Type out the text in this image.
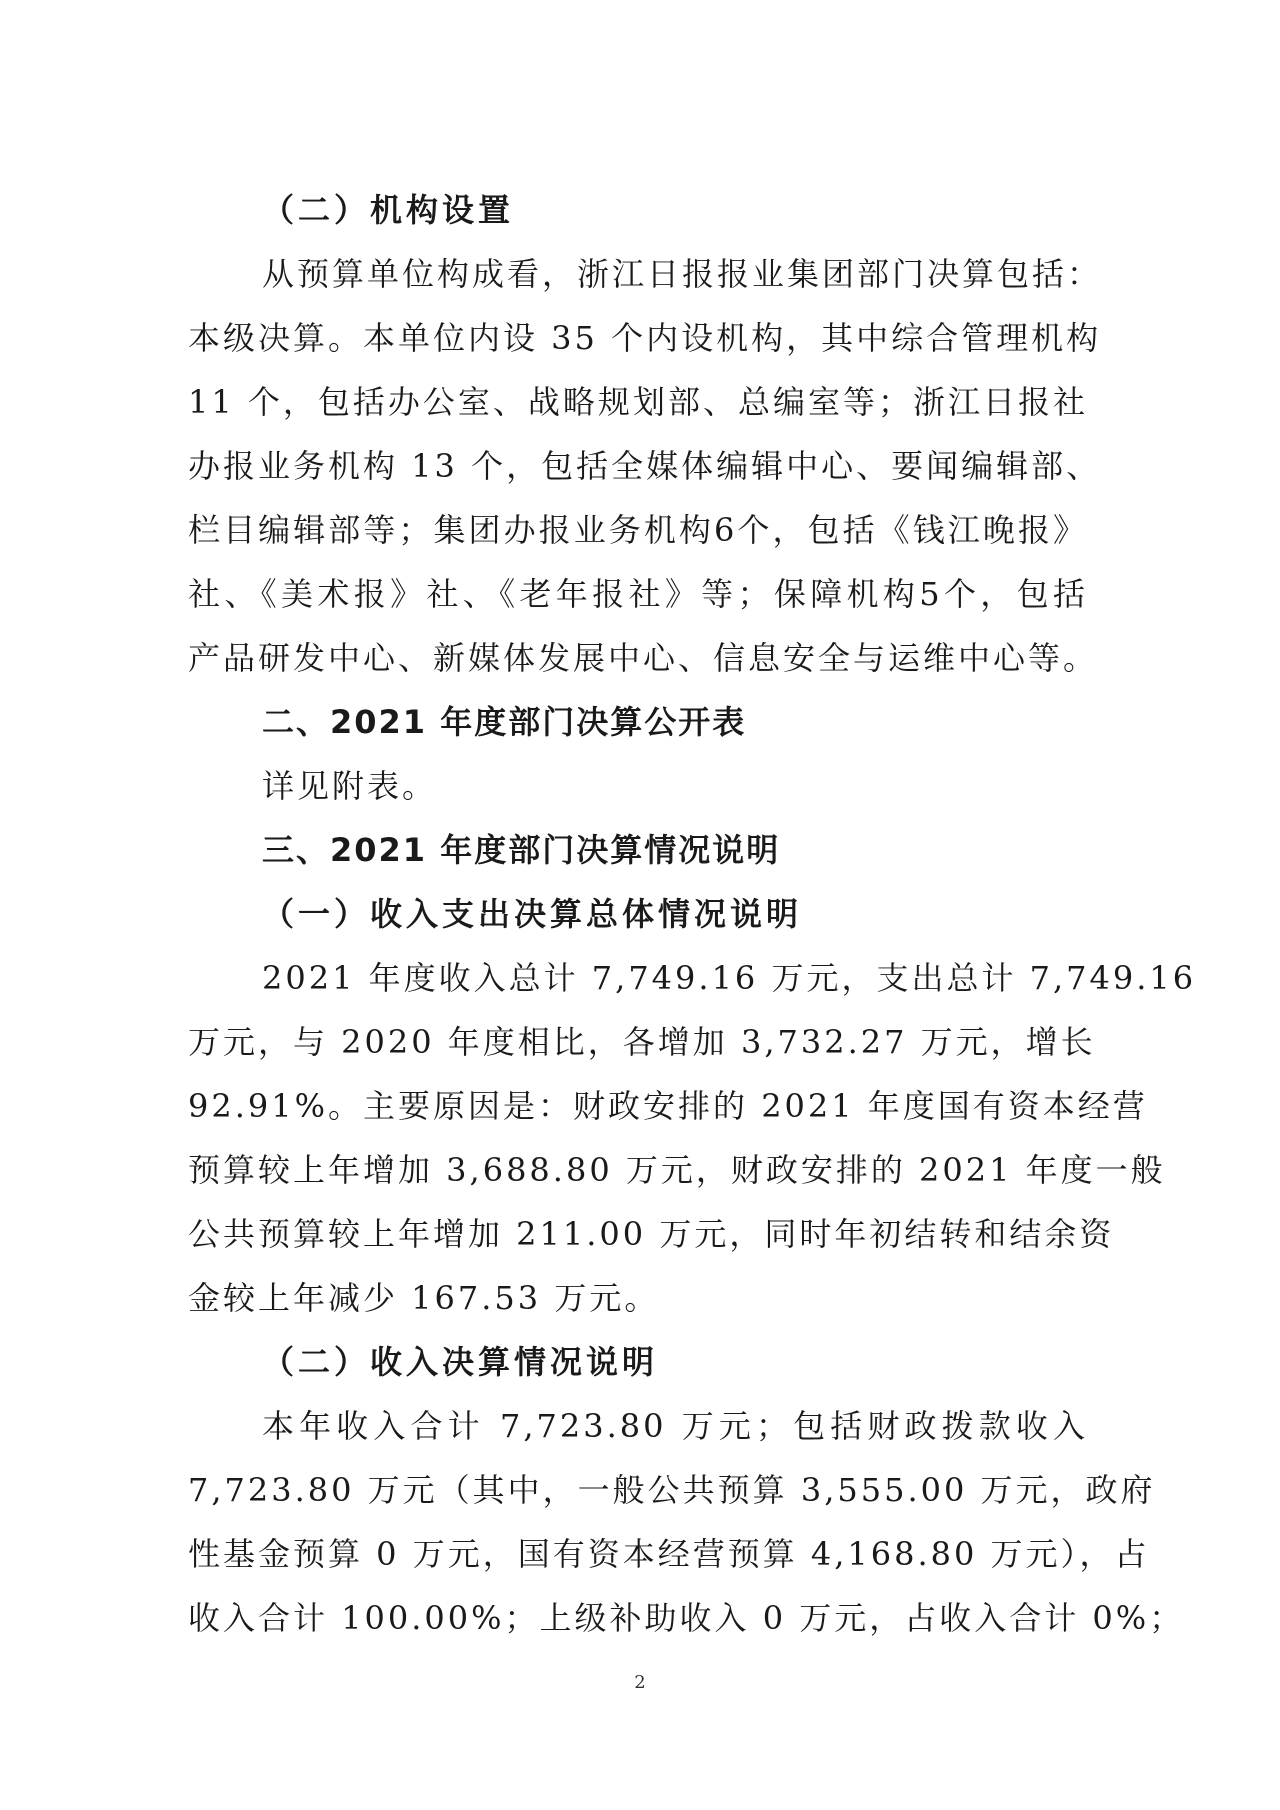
（二）机构设置
从预算单位构成看，浙江日报报业集团部门决算包括：
本级决算。本单位内设 35 个内设机构，其中综合管理机构
11 个，包括办公室、战略规划部、总编室等；浙江日报社
办报业务机构 13 个，包括全媒体编辑中心、要闻编辑部、
栏目编辑部等；集团办报业务机构6个，包括《钱江晚报》
社、《美术报》社、《老年报社》等；保障机构5个，包括
产品研发中心、新媒体发展中心、信息安全与运维中心等。
二、2021 年度部门决算公开表
详见附表。
三、2021 年度部门决算情况说明
（一）收入支出决算总体情况说明
2021 年度收入总计 7,749.16 万元，支出总计 7,749.16
万元，与 2020 年度相比，各增加 3,732.27 万元，增长
92.91%。主要原因是：财政安排的 2021 年度国有资本经营
预算较上年增加 3,688.80 万元，财政安排的 2021 年度一般
公共预算较上年增加 211.00 万元，同时年初结转和结余资
金较上年减少 167.53 万元。
（二）收入决算情况说明
本年收入合计 7,723.80 万元；包括财政拨款收入
7,723.80 万元（其中，一般公共预算 3,555.00 万元，政府
性基金预算 0 万元，国有资本经营预算 4,168.80 万元），占
收入合计 100.00%；上级补助收入 0 万元，占收入合计 0%；
2
